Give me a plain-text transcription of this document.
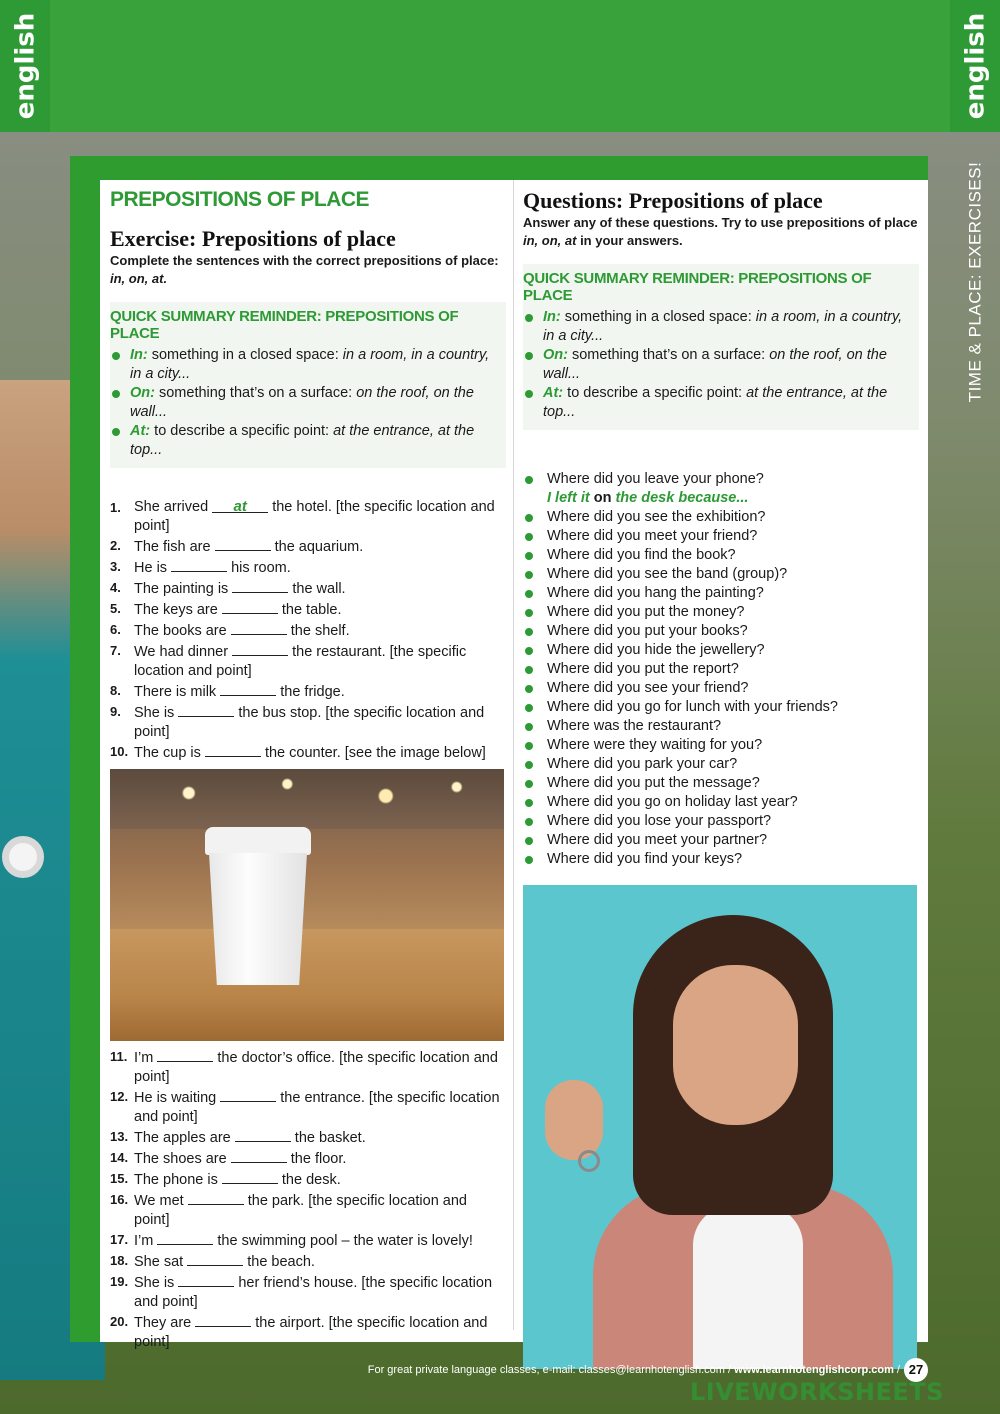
english	english
TIME & PLACE: EXERCISES!
PREPOSITIONS OF PLACE
Exercise: Prepositions of place
Complete the sentences with the correct prepositions of place:
in, on, at.
QUICK SUMMARY REMINDER: PREPOSITIONS OF PLACE
In: something in a closed space: in a room, in a country, in a city...
On: something that’s on a surface: on the roof, on the wall...
At: to describe a specific point: at the entrance, at the top...
1. She arrived at the hotel. [the specific location and point]
2. The fish are	the aquarium.
3. He is	his room.
4. The painting is	the wall.
5. The keys are	the table.
6. The books are	the shelf.
7. We had dinner	the restaurant. [the specific location and point]
8. There is milk	the fridge.
9. She is	the bus stop. [the specific location and point]
10. The cup is	the counter. [see the image below]
11. I’m	the doctor’s office. [the specific location and point]
12. He is waiting	the entrance. [the specific location and point]
13. The apples are	the basket.
14. The shoes are	the floor.
15. The phone is	the desk.
16. We met	the park. [the specific location and point]
17. I’m	the swimming pool – the water is lovely!
18. She sat	the beach.
19. She is	her friend’s house. [the specific location and point]
20. They are	the airport. [the specific location and point]
Questions: Prepositions of place
Answer any of these questions. Try to use prepositions of place
in, on, at in your answers.
QUICK SUMMARY REMINDER: PREPOSITIONS OF PLACE
In: something in a closed space: in a room, in a country, in a city...
On: something that’s on a surface: on the roof, on the wall...
At: to describe a specific point: at the entrance, at the top...
Where did you leave your phone?
I left it on the desk because...
Where did you see the exhibition?
Where did you meet your friend?
Where did you find the book?
Where did you see the band (group)?
Where did you hang the painting?
Where did you put the money?
Where did you put your books?
Where did you hide the jewellery?
Where did you put the report?
Where did you see your friend?
Where did you go for lunch with your friends?
Where was the restaurant?
Where were they waiting for you?
Where did you park your car?
Where did you put the message?
Where did you go on holiday last year?
Where did you lose your passport?
Where did you meet your partner?
Where did you find your keys?
For great private language classes, e-mail: classes@learnhotenglish.com / www.learnhotenglishcorp.com / 27
LIVEWORKSHEETS
